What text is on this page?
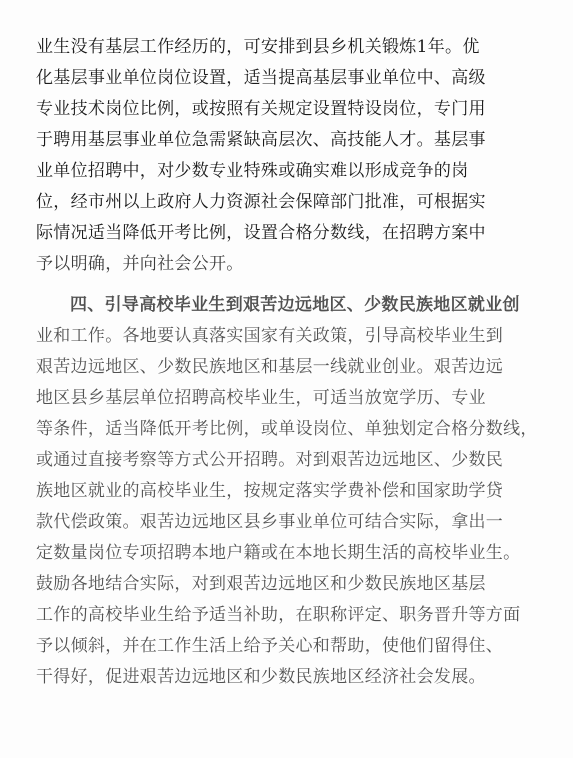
业生没有基层工作经历的，可安排到县乡机关锻炼1年。优
化基层事业单位岗位设置，适当提高基层事业单位中、高级
专业技术岗位比例，或按照有关规定设置特设岗位，专门用
于聘用基层事业单位急需紧缺高层次、高技能人才。基层事
业单位招聘中，对少数专业特殊或确实难以形成竞争的岗
位，经市州以上政府人力资源社会保障部门批准，可根据实
际情况适当降低开考比例，设置合格分数线，在招聘方案中
予以明确，并向社会公开。
四、引导高校毕业生到艰苦边远地区、少数民族地区就业创
业和工作。各地要认真落实国家有关政策，引导高校毕业生到
艰苦边远地区、少数民族地区和基层一线就业创业。艰苦边远
地区县乡基层单位招聘高校毕业生，可适当放宽学历、专业
等条件，适当降低开考比例，或单设岗位、单独划定合格分数线，
或通过直接考察等方式公开招聘。对到艰苦边远地区、少数民
族地区就业的高校毕业生，按规定落实学费补偿和国家助学贷
款代偿政策。艰苦边远地区县乡事业单位可结合实际，拿出一
定数量岗位专项招聘本地户籍或在本地长期生活的高校毕业生。
鼓励各地结合实际，对到艰苦边远地区和少数民族地区基层
工作的高校毕业生给予适当补助，在职称评定、职务晋升等方面
予以倾斜，并在工作生活上给予关心和帮助，使他们留得住、
干得好，促进艰苦边远地区和少数民族地区经济社会发展。
